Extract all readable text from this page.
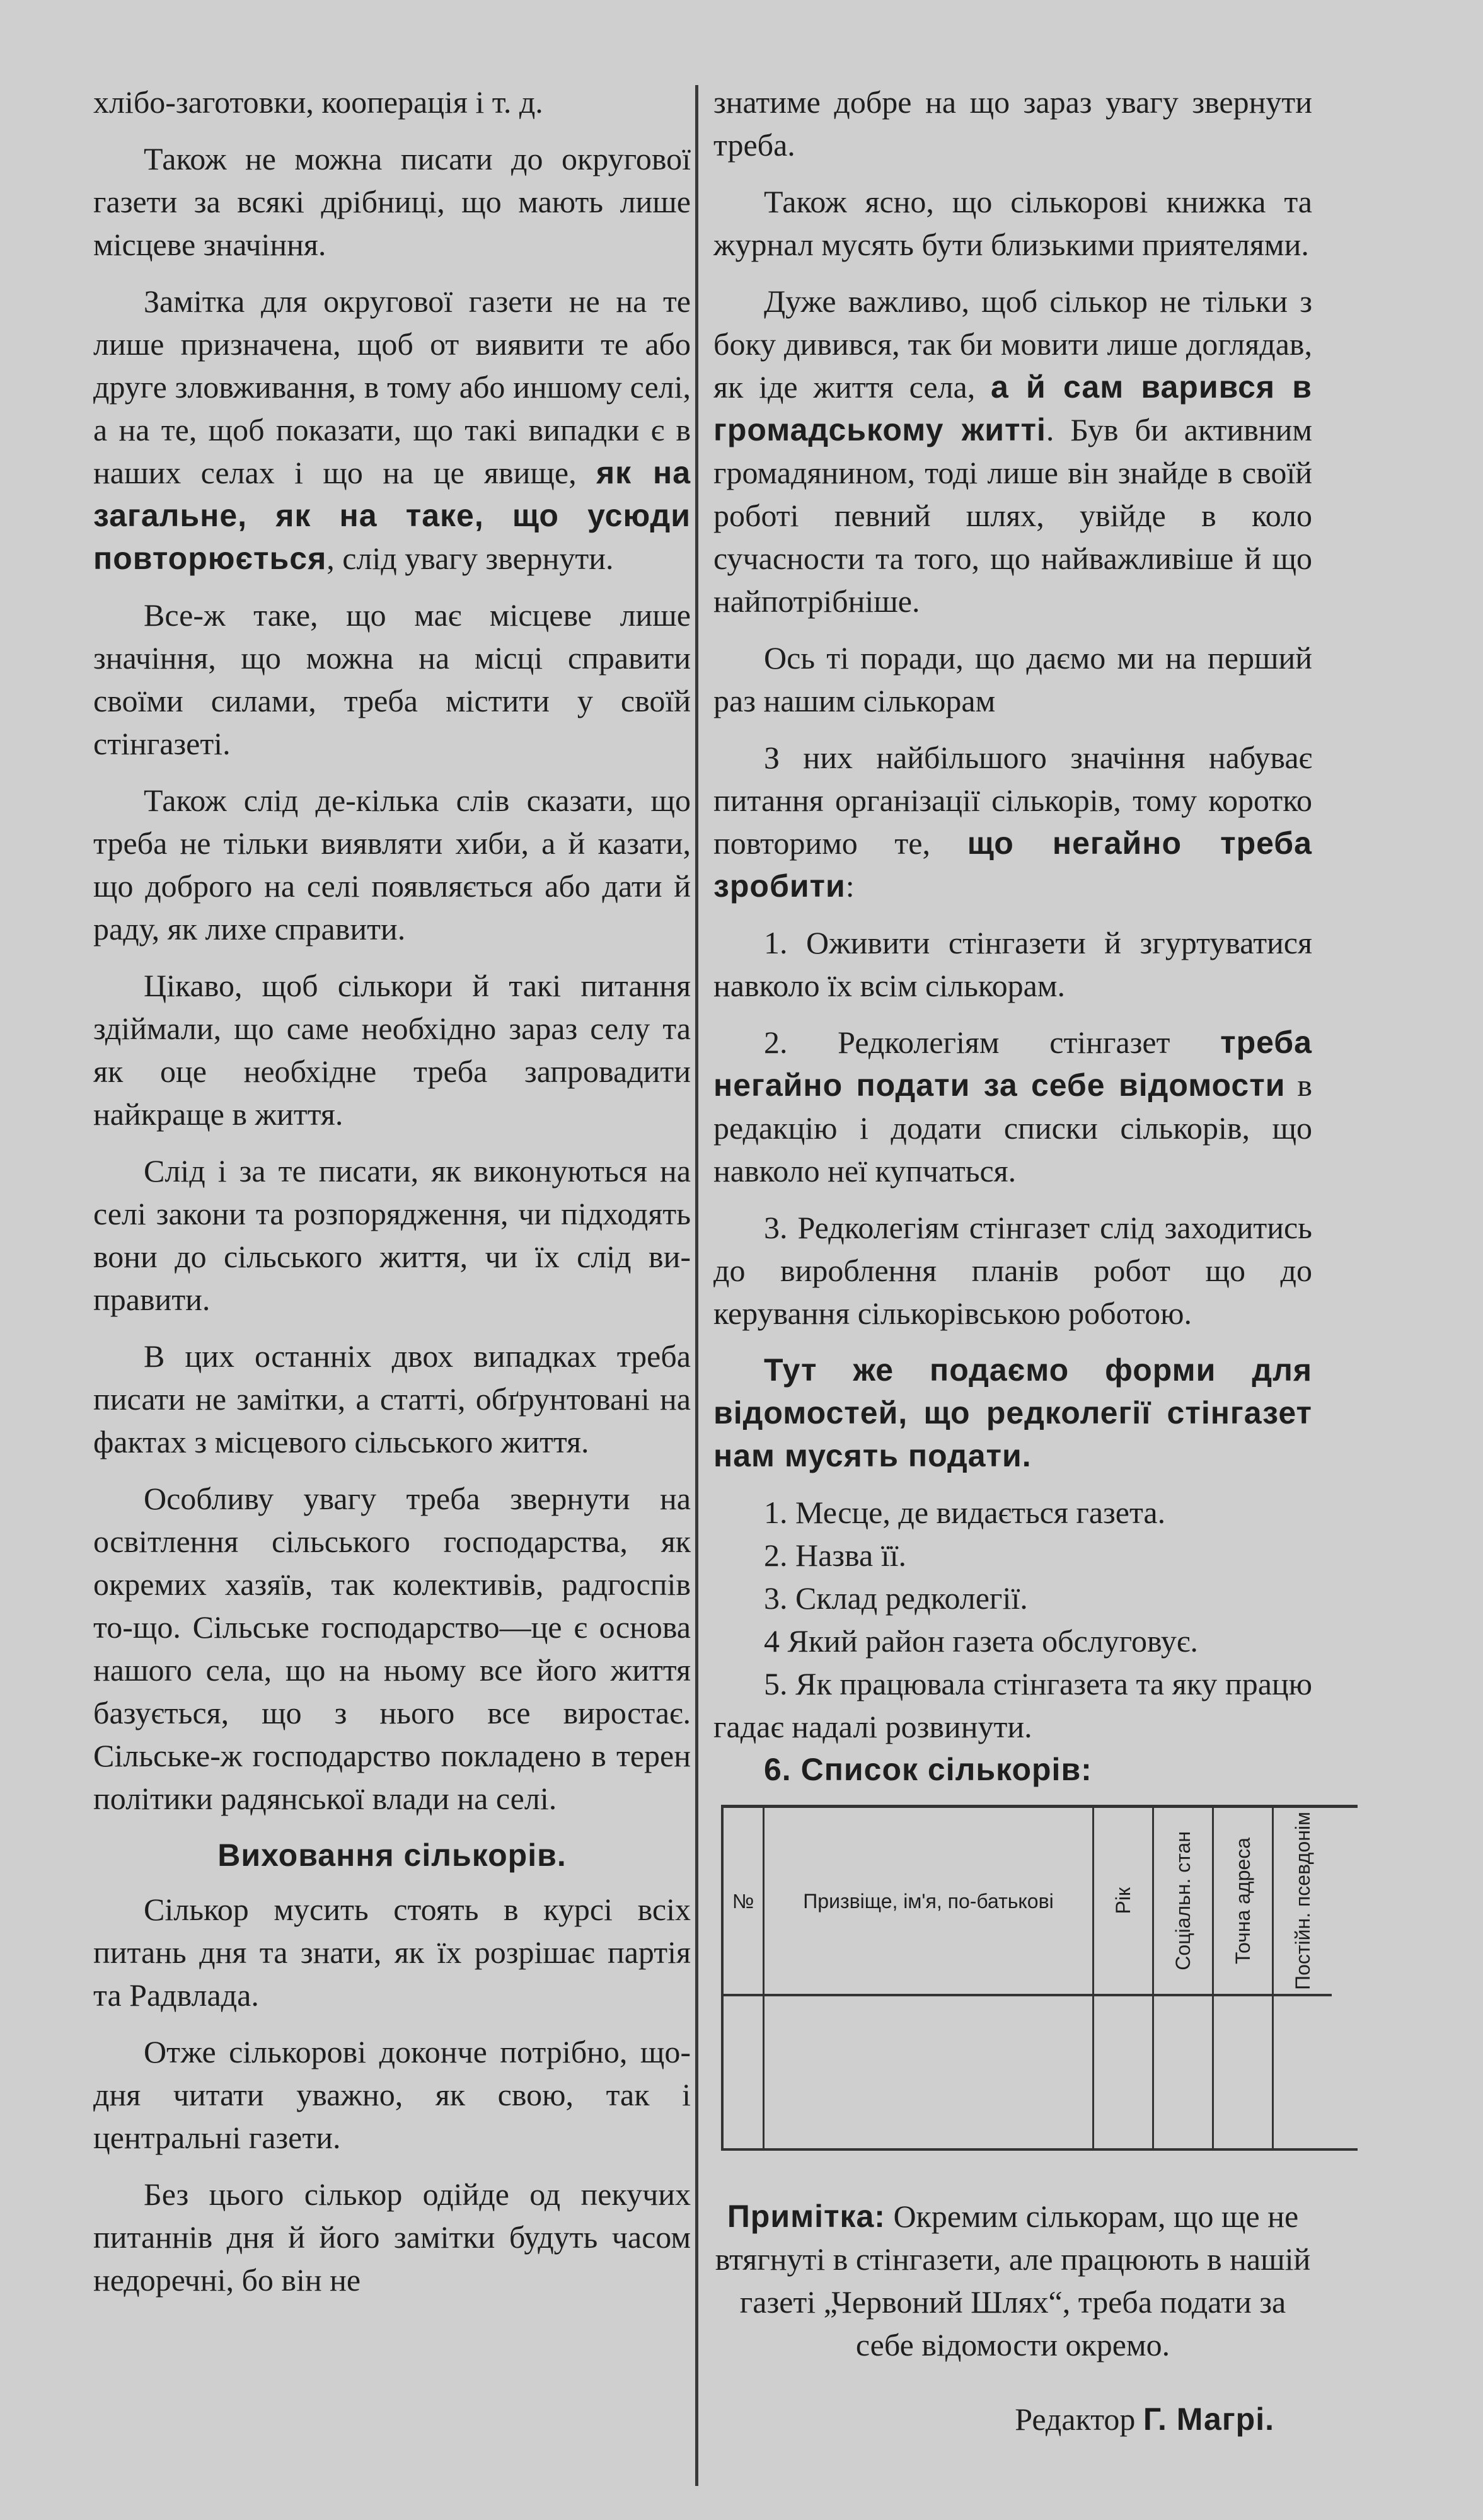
хлібо-заготовки, кооперація і т. д.

Також не можна писати до округової газети за всякі дрібниці, що мають лише місцеве значіння.

Замітка для округової газети не на те лише призначена, щоб от виявити те або друге зловживання, в тому або иншому селі, а на те, щоб показати, що такі випадки є в наших селах і що на це явище, як на загальне, як на таке, що усюди повторюється, слід увагу звернути.

Все-ж таке, що має місцеве лише значіння, що можна на місці справити своїми силами, треба містити у своїй стінгазеті.

Також слід де-кілька слів сказати, що треба не тільки виявляти хиби, а й казати, що доброго на селі появляється або дати й раду, як лихе справити.

Цікаво, щоб сількори й такі питання здіймали, що саме необхідно зараз селу та як оце необхідне треба запровадити найкраще в життя.

Слід і за те писати, як виконуються на селі закони та розпорядження, чи підходять вони до сільського життя, чи їх слід виправити.

В цих останніх двох випадках треба писати не замітки, а статті, обґрунтовані на фактах з місцевого сільського життя.

Особливу увагу треба звернути на освітлення сільського господарства, як окремих хазяїв, так колективів, радгоспів то-що. Сільське господарство—це є основа нашого села, що на ньому все його життя базується, що з нього все виростає. Сільське-ж господарство покладено в терен політики радянської влади на селі.

Виховання сількорів.

Сількор мусить стоять в курсі всіх питань дня та знати, як їх розрішає партія та Радвлада.

Отже сількорові доконче потрібно, що-дня читати уважно, як свою, так і центральні газети.

Без цього сількор одійде од пекучих питаннів дня й його замітки будуть часом недоречні, бо він не

знатиме добре на що зараз увагу звернути треба.

Також ясно, що сількорові книжка та журнал мусять бути близькими приятелями.

Дуже важливо, щоб сількор не тільки з боку дивився, так би мовити лише доглядав, як іде життя села, а й сам варився в громадському житті. Був би активним громадянином, тоді лише він знайде в своїй роботі певний шлях, увійде в коло сучасности та того, що найважливіше й що найпотрібніше.

Ось ті поради, що даємо ми на перший раз нашим сількорам

З них найбільшого значіння набуває питання організації сількорів, тому коротко повторимо те, що негайно треба зробити:

1. Оживити стінгазети й згуртуватися навколо їх всім сількорам.

2. Редколегіям стінгазет треба негайно подати за себе відомости в редакцію і додати списки сількорів, що навколо неї купчаться.

3. Редколегіям стінгазет слід заходитись до вироблення планів робот що до керування сількорівською роботою.

Тут же подаємо форми для відомостей, що редколегії стінгазет нам мусять подати.

1. Месце, де видається газета.

2. Назва її.

3. Склад редколегії.

4 Який район газета обслуговує.

5. Як працювала стінгазета та яку працю гадає надалі розвинути.

6. Список сількорів:

№	Призвіще, ім'я, по-батькові	Рік Соціальн. стан Точна адреса Постійн. псевдонім

Примітка: Окремим сількорам, що ще не втягнуті в стінгазети, але працюють в нашій газеті „Червоний Шлях“, треба подати за себе відомости окремо.

Редактор Г. Магрі.
